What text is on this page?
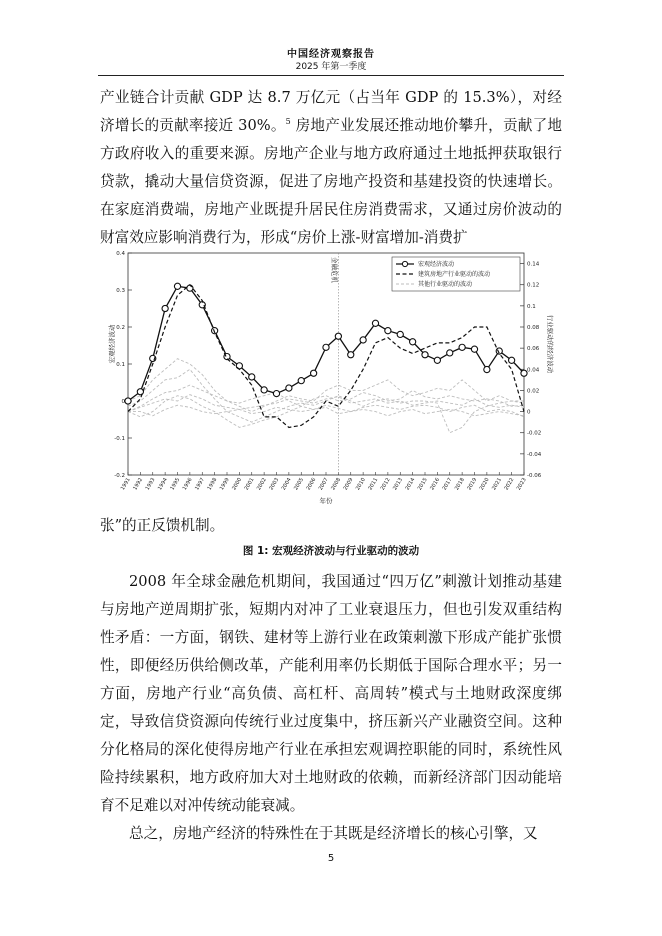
中国经济观察报告
2025 年第一季度

产业链合计贡献 GDP 达 8.7 万亿元（占当年 GDP 的 15.3%），对经济增长的贡献率接近 30%。$^5$ 房地产业发展还推动地价攀升，贡献了地方政府收入的重要来源。房地产企业与地方政府通过土地抵押获取银行贷款，撬动大量信贷资源，促进了房地产投资和基建投资的快速增长。在家庭消费端，房地产业既提升居民住房消费需求，又通过房价波动的财富效应影响消费行为，形成“房价上涨-财富增加-消费扩

-0.2
-0.1
0
0.1
0.2
0.3
0.4
-0.06
-0.04
-0.02
0
0.02
0.04
0.06
0.08
0.1
0.12
0.14
1991 1992 1993 1994 1995 1996 1997 1998 1999 2000 2001 2002 2003 2004 2005 2006 2007 2008 2009 2010 2011 2012 2013 2014 2015 2016 2017 2018 2019 2020 2021 2022 2023
年份
宏观经济波动	行业驱动的经济波动
金融危机	宏观经济波动
建筑房地产行业驱动的波动
其他行业驱动的波动

张”的正反馈机制。

图 1: 宏观经济波动与行业驱动的波动

2008 年全球金融危机期间，我国通过“四万亿”刺激计划推动基建与房地产逆周期扩张，短期内对冲了工业衰退压力，但也引发双重结构性矛盾：一方面，钢铁、建材等上游行业在政策刺激下形成产能扩张惯性，即便经历供给侧改革，产能利用率仍长期低于国际合理水平；另一方面，房地产行业“高负债、高杠杆、高周转”模式与土地财政深度绑定，导致信贷资源向传统行业过度集中，挤压新兴产业融资空间。这种分化格局的深化使得房地产行业在承担宏观调控职能的同时，系统性风险持续累积，地方政府加大对土地财政的依赖，而新经济部门因动能培育不足难以对冲传统动能衰减。

总之，房地产经济的特殊性在于其既是经济增长的核心引擎，又

5
